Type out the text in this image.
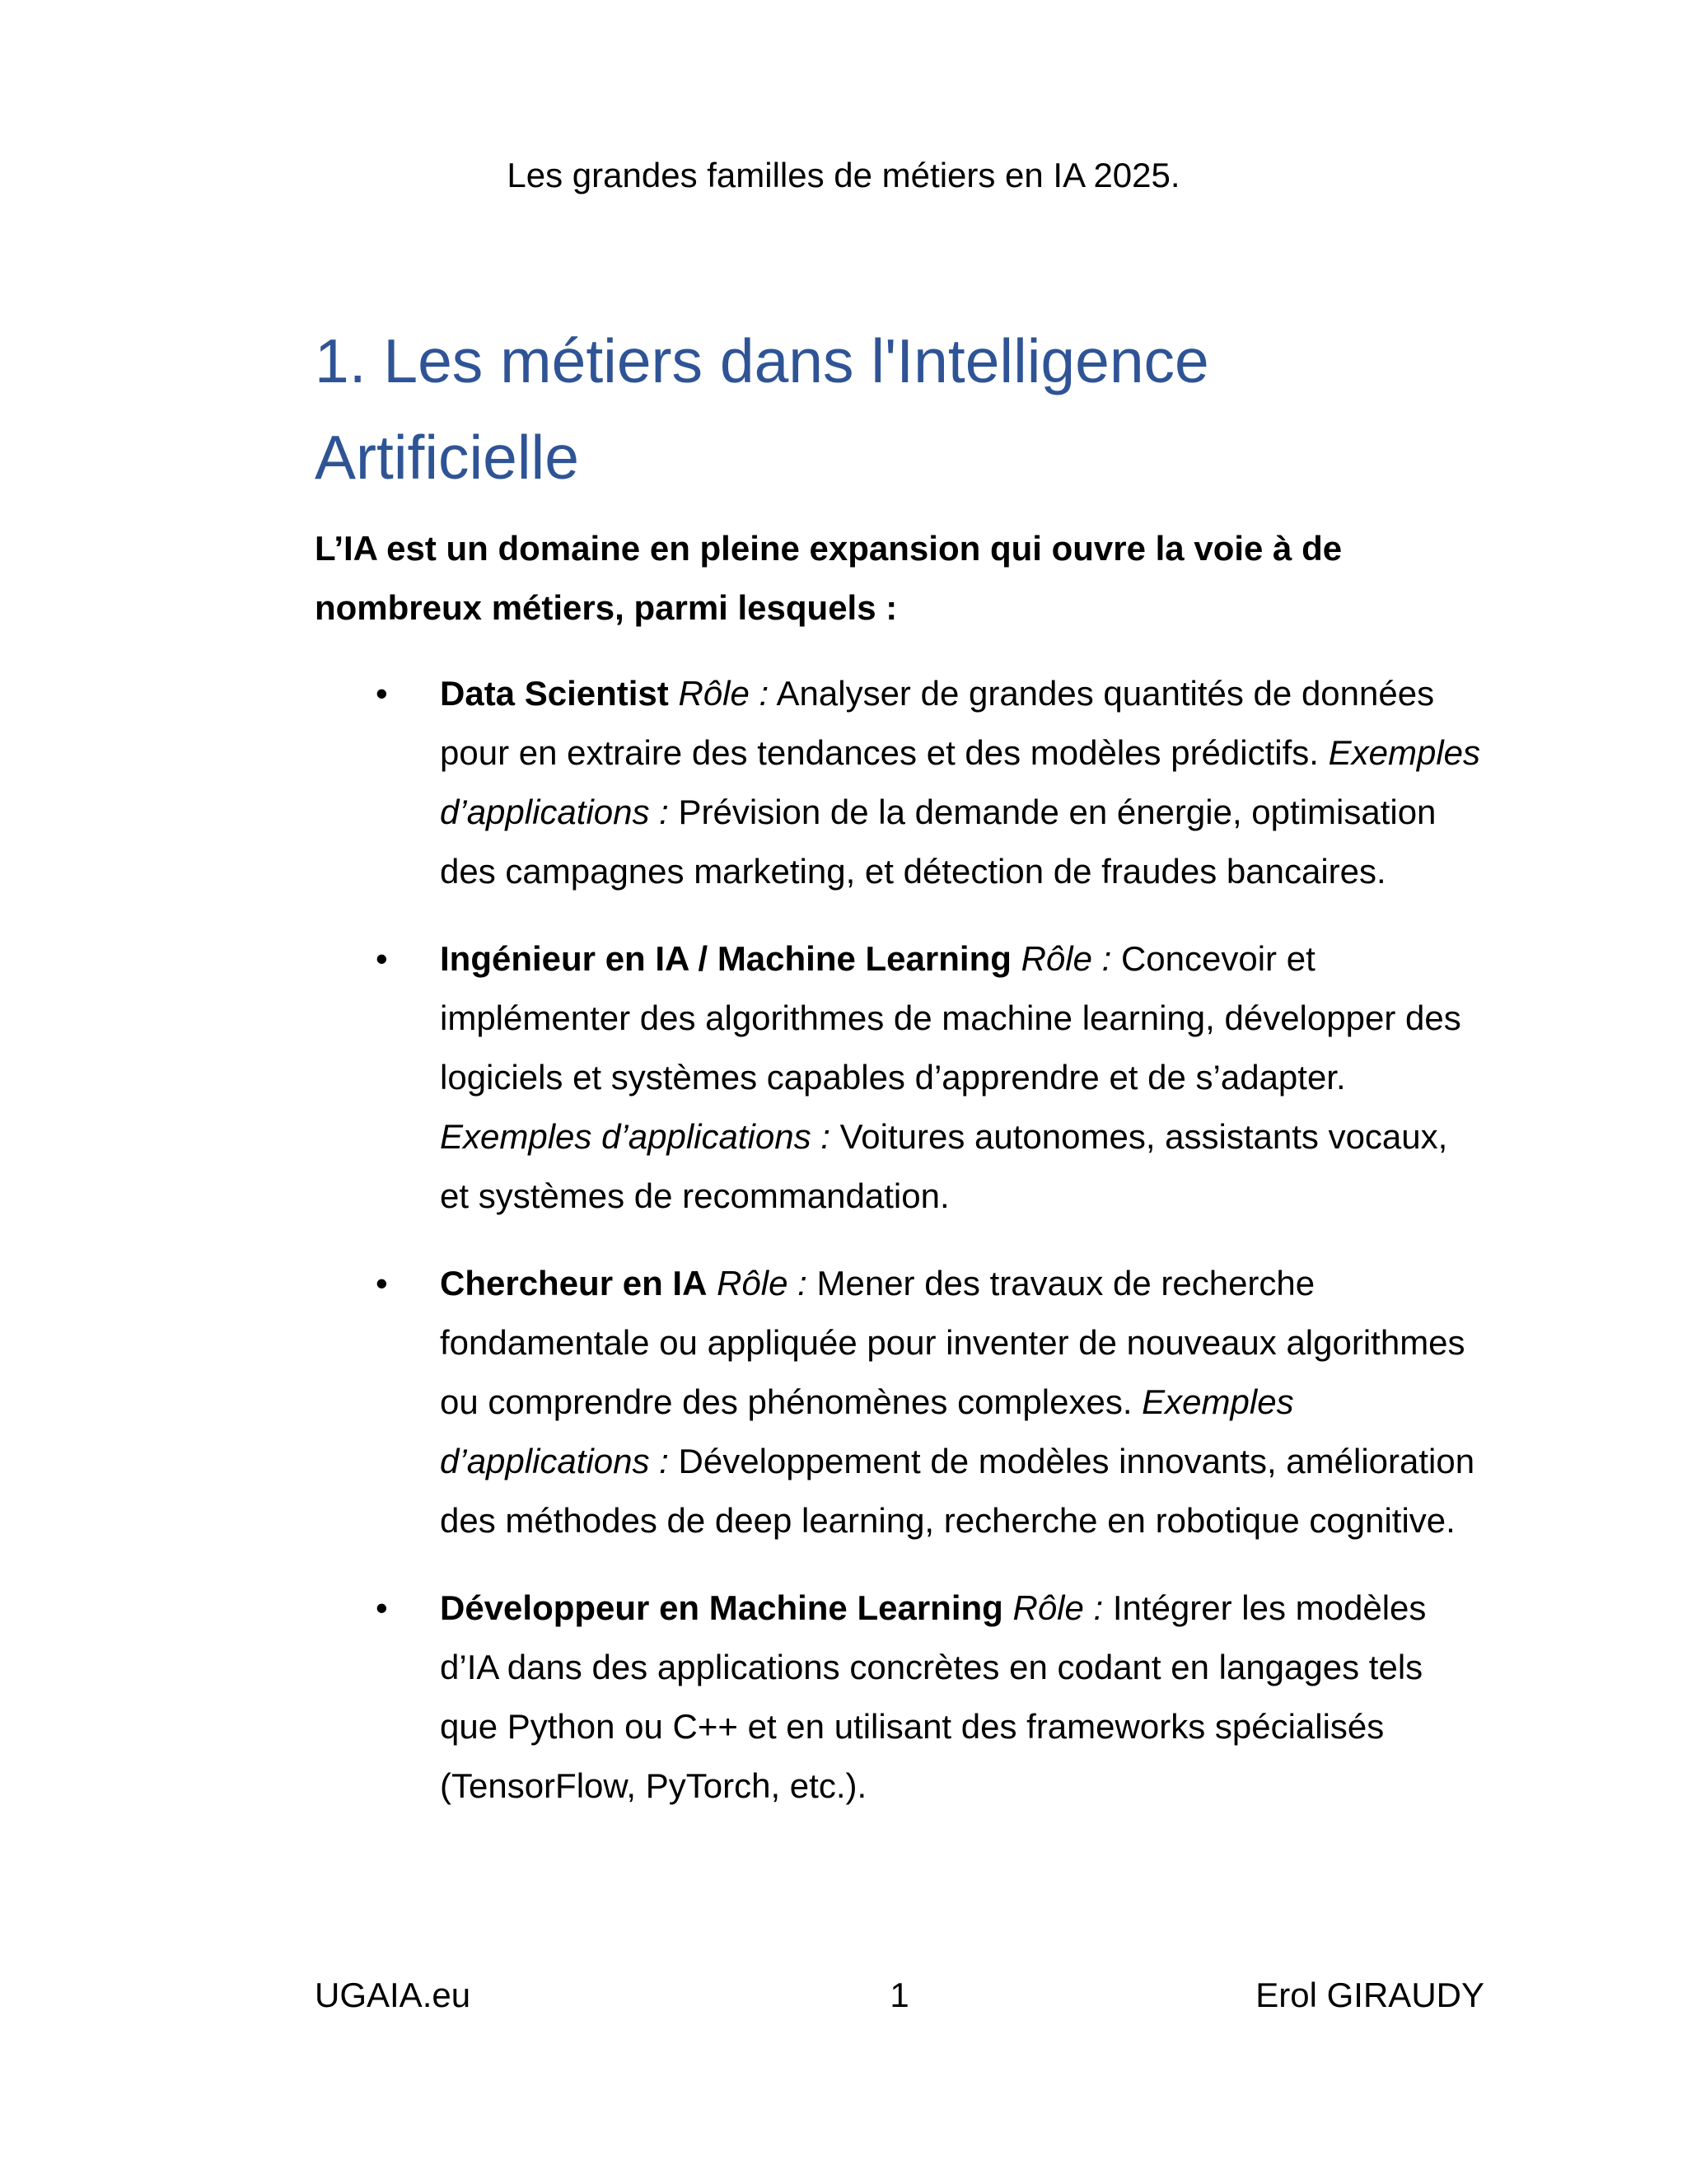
Les grandes familles de métiers en IA 2025.
1. Les métiers dans l'Intelligence
Artificielle

L’IA est un domaine en pleine expansion qui ouvre la voie à de nombreux métiers, parmi lesquels :

• Data Scientist Rôle : Analyser de grandes quantités de données pour en extraire des tendances et des modèles prédictifs. Exemples d’applications : Prévision de la demande en énergie, optimisation des campagnes marketing, et détection de fraudes bancaires.
• Ingénieur en IA / Machine Learning Rôle : Concevoir et implémenter des algorithmes de machine learning, développer des logiciels et systèmes capables d’apprendre et de s’adapter. Exemples d’applications : Voitures autonomes, assistants vocaux, et systèmes de recommandation.
• Chercheur en IA Rôle : Mener des travaux de recherche fondamentale ou appliquée pour inventer de nouveaux algorithmes ou comprendre des phénomènes complexes. Exemples d’applications : Développement de modèles innovants, amélioration des méthodes de deep learning, recherche en robotique cognitive.
• Développeur en Machine Learning Rôle : Intégrer les modèles d’IA dans des applications concrètes en codant en langages tels que Python ou C++ et en utilisant des frameworks spécialisés (TensorFlow, PyTorch, etc.).
UGAIA.eu	1	Erol GIRAUDY
